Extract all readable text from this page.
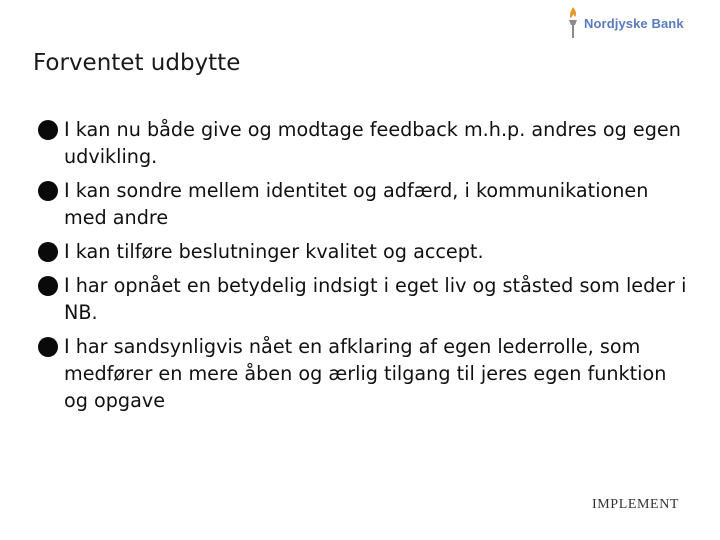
Nordjyske Bank
Forventet udbytte
I kan nu både give og modtage feedback m.h.p. andres og egen udvikling.
I kan sondre mellem identitet og adfærd, i kommunikationen med andre
I kan tilføre beslutninger kvalitet og accept.
I har opnået en betydelig indsigt i eget liv og ståsted som leder i NB.
I har sandsynligvis nået en afklaring af egen lederrolle, som medfører en mere åben og ærlig tilgang til jeres egen funktion og opgave
IMPLEMENT
